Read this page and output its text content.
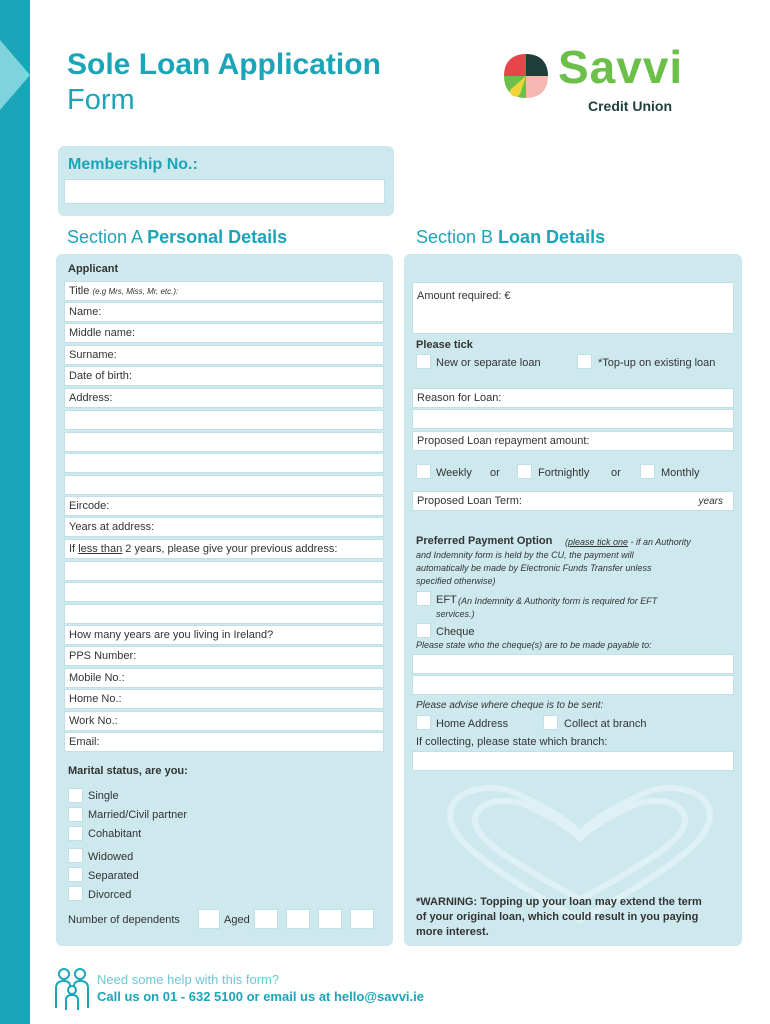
Sole Loan Application
Form
Savvi
Credit Union
Membership No.:
Section A Personal Details	Section B Loan Details
Applicant
Title (e.g Mrs, Miss, Mr, etc.):
Name:
Middle name:
Surname:
Date of birth:
Address:
Eircode:
Years at address:
If less than 2 years, please give your previous address:
How many years are you living in Ireland?
PPS Number:
Mobile No.:
Home No.:
Work No.:
Email:
Marital status, are you:
Single
Married/Civil partner
Cohabitant
Widowed
Separated
Divorced
Number of dependents	Aged
Amount required: €
Please tick
New or separate loan	*Top-up on existing loan
Reason for Loan:
Proposed Loan repayment amount:
Weekly or	Fortnightly or	Monthly
Proposed Loan Term:	years
Preferred Payment Option (please tick one - if an Authority
and Indemnity form is held by the CU, the payment will
automatically be made by Electronic Funds Transfer unless
specified otherwise)
EFT (An Indemnity & Authority form is required for EFT
services.)
Cheque
Please state who the cheque(s) are to be made payable to:
Please advise where cheque is to be sent:
Home Address	Collect at branch
If collecting, please state which branch:
*WARNING: Topping up your loan may extend the term
of your original loan, which could result in you paying
more interest.
Need some help with this form?
Call us on 01 - 632 5100 or email us at hello@savvi.ie
